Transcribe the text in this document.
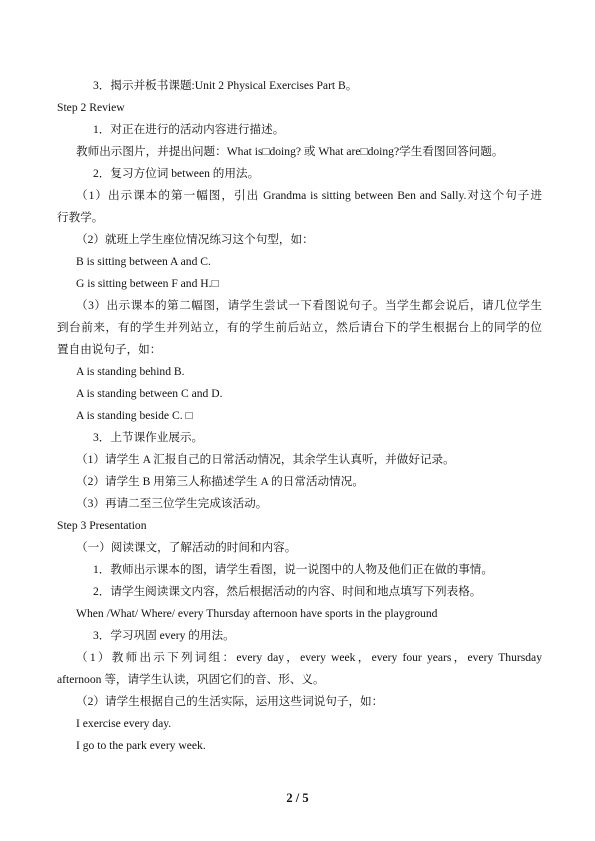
3．揭示并板书课题:Unit 2 Physical Exercises Part B。
Step 2 Review
1．对正在进行的活动内容进行描述。
教师出示图片，并提出问题：What is□doing? 或 What are□doing?学生看图回答问题。
2．复习方位词 between 的用法。
（1）出示课本的第一幅图，引出 Grandma is sitting between Ben and Sally.对这个句子进
行教学。
（2）就班上学生座位情况练习这个句型，如：
B is sitting between A and C.
G is sitting between F and H.□
（3）出示课本的第二幅图，请学生尝试一下看图说句子。当学生都会说后，请几位学生
到台前来，有的学生并列站立，有的学生前后站立，然后请台下的学生根据台上的同学的位
置自由说句子，如：
A is standing behind B.
A is standing between C and D.
A is standing beside C. □
3．上节课作业展示。
（1）请学生 A 汇报自己的日常活动情况，其余学生认真听，并做好记录。
（2）请学生 B 用第三人称描述学生 A 的日常活动情况。
（3）再请二至三位学生完成该活动。
Step 3 Presentation
（一）阅读课文，了解活动的时间和内容。
1．教师出示课本的图，请学生看图，说一说图中的人物及他们正在做的事情。
2．请学生阅读课文内容，然后根据活动的内容、时间和地点填写下列表格。
When /What/ Where/ every Thursday afternoon have sports in the playground
3．学习巩固 every 的用法。
（1）教师出示下列词组：every day，every week，every four years，every Thursday
afternoon 等，请学生认读，巩固它们的音、形、义。
（2）请学生根据自己的生活实际，运用这些词说句子，如：
I exercise every day.
I go to the park every week.
2 / 5
